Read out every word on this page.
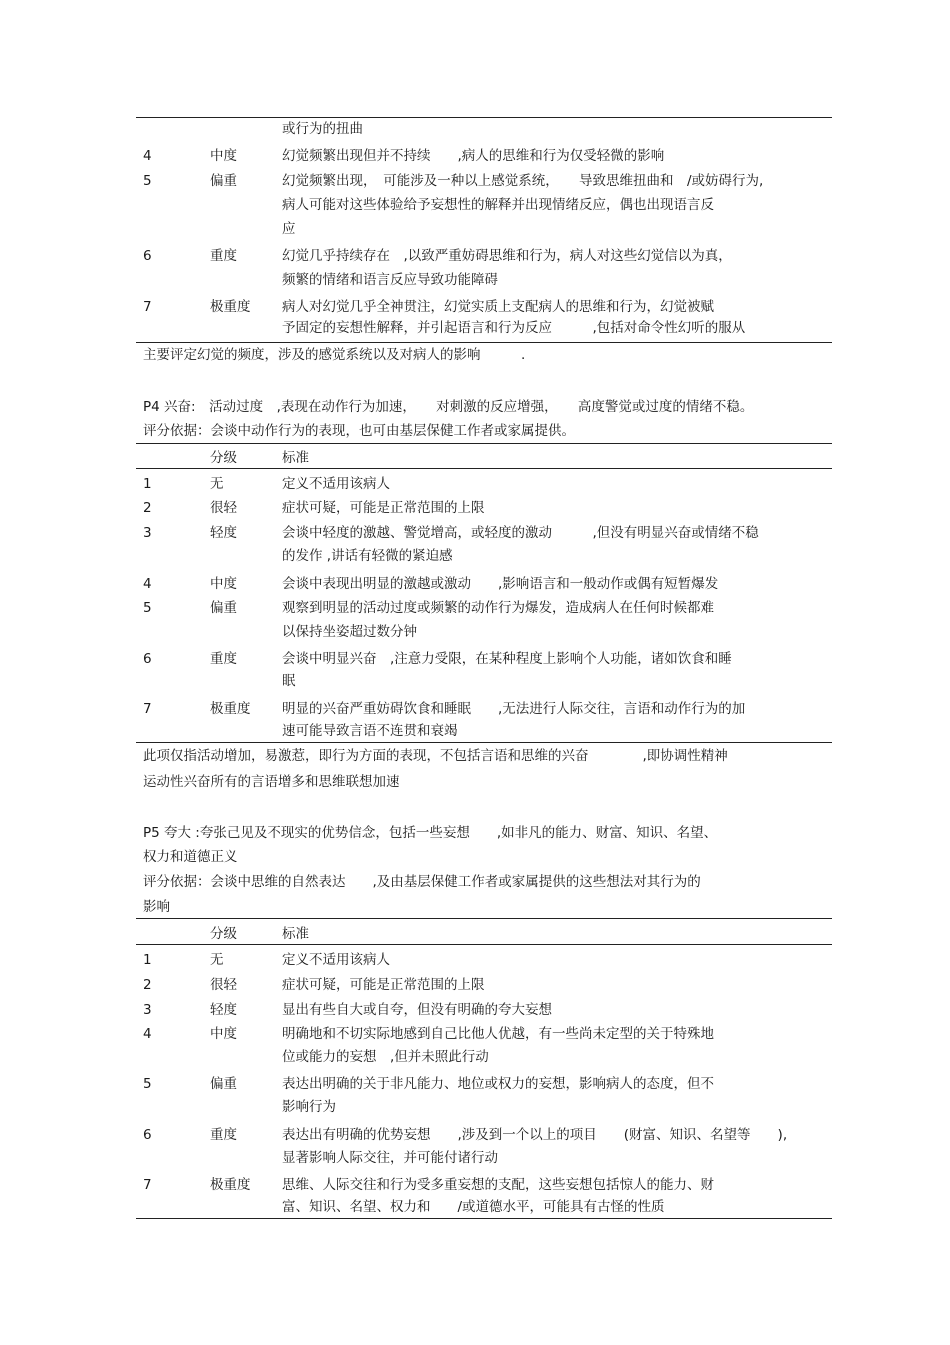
或行为的扭曲
4	中度	幻觉频繁出现但并不持续　　,病人的思维和行为仅受轻微的影响
5	偏重	幻觉频繁出现，　可能涉及一种以上感觉系统，　　导致思维扭曲和　/或妨碍行为,
病人可能对这些体验给予妄想性的解释并出现情绪反应，偶也出现语言反
应
6	重度	幻觉几乎持续存在　,以致严重妨碍思维和行为，病人对这些幻觉信以为真，
频繁的情绪和语言反应导致功能障碍
7	极重度 病人对幻觉几乎全神贯注，幻觉实质上支配病人的思维和行为，幻觉被赋
予固定的妄想性解释，并引起语言和行为反应　　　,包括对命令性幻听的服从
主要评定幻觉的频度，涉及的感觉系统以及对病人的影响　　　.
P4 兴奋:　活动过度　,表现在动作行为加速，　　对刺激的反应增强，　　高度警觉或过度的情绪不稳。
评分依据：会谈中动作行为的表现，也可由基层保健工作者或家属提供。
分级	标准
1	无	定义不适用该病人
2	很轻	症状可疑，可能是正常范围的上限
3	轻度	会谈中轻度的激越、警觉增高，或轻度的激动　　　,但没有明显兴奋或情绪不稳
的发作 ,讲话有轻微的紧迫感
4	中度	会谈中表现出明显的激越或激动　　,影响语言和一般动作或偶有短暂爆发
5	偏重	观察到明显的活动过度或频繁的动作行为爆发，造成病人在任何时候都难
以保持坐姿超过数分钟
6	重度	会谈中明显兴奋　,注意力受限，在某种程度上影响个人功能，诸如饮食和睡
眠
7	极重度 明显的兴奋严重妨碍饮食和睡眠　　,无法进行人际交往，言语和动作行为的加
速可能导致言语不连贯和衰竭
此项仅指活动增加，易激惹，即行为方面的表现，不包括言语和思维的兴奋　　　　,即协调性精神
运动性兴奋所有的言语增多和思维联想加速
P5 夸大 :夸张己见及不现实的优势信念，包括一些妄想　　,如非凡的能力、财富、知识、名望、
权力和道德正义
评分依据：会谈中思维的自然表达　　,及由基层保健工作者或家属提供的这些想法对其行为的
影响
分级	标准
1	无	定义不适用该病人
2	很轻	症状可疑，可能是正常范围的上限
3	轻度	显出有些自大或自夸，但没有明确的夸大妄想
4	中度	明确地和不切实际地感到自己比他人优越，有一些尚未定型的关于特殊地
位或能力的妄想　,但并未照此行动
5	偏重	表达出明确的关于非凡能力、地位或权力的妄想，影响病人的态度，但不
影响行为
6	重度	表达出有明确的优势妄想　　,涉及到一个以上的项目　　(财富、知识、名望等　　),
显著影响人际交往，并可能付诸行动
7	极重度 思维、人际交往和行为受多重妄想的支配，这些妄想包括惊人的能力、财
富、知识、名望、权力和　　/或道德水平，可能具有古怪的性质
